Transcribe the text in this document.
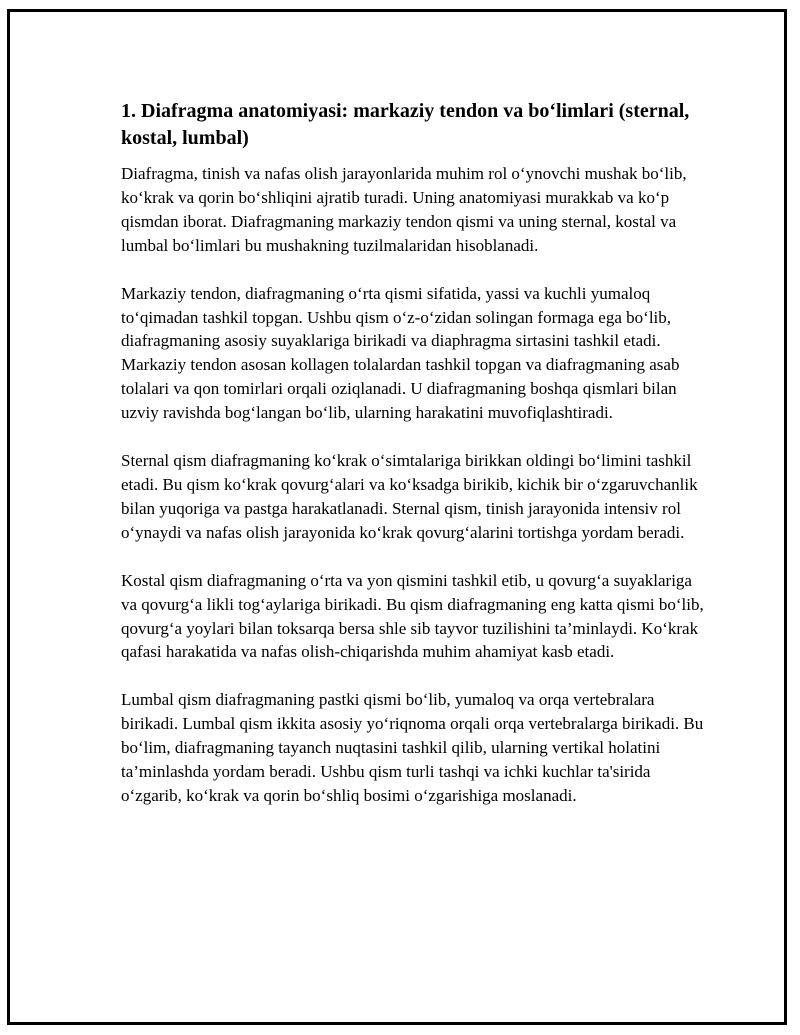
1. Diafragma anatomiyasi: markaziy tendon va bo‘limlari (sternal, kostal, lumbal)

Diafragma, tinish va nafas olish jarayonlarida muhim rol o‘ynovchi mushak bo‘lib, ko‘krak va qorin bo‘shliqini ajratib turadi. Uning anatomiyasi murakkab va ko‘p qismdan iborat. Diafragmaning markaziy tendon qismi va uning sternal, kostal va lumbal bo‘limlari bu mushakning tuzilmalaridan hisoblanadi.

Markaziy tendon, diafragmaning o‘rta qismi sifatida, yassi va kuchli yumaloq to‘qimadan tashkil topgan. Ushbu qism o‘z-o‘zidan solingan formaga ega bo‘lib, diafragmaning asosiy suyaklariga birikadi va diaphragma sirtasini tashkil etadi. Markaziy tendon asosan kollagen tolalardan tashkil topgan va diafragmaning asab tolalari va qon tomirlari orqali oziqlanadi. U diafragmaning boshqa qismlari bilan uzviy ravishda bog‘langan bo‘lib, ularning harakatini muvofiqlashtiradi.

Sternal qism diafragmaning ko‘krak o‘simtalariga birikkan oldingi bo‘limini tashkil etadi. Bu qism ko‘krak qovurg‘alari va ko‘ksadga birikib, kichik bir o‘zgaruvchanlik bilan yuqoriga va pastga harakatlanadi. Sternal qism, tinish jarayonida intensiv rol o‘ynaydi va nafas olish jarayonida ko‘krak qovurg‘alarini tortishga yordam beradi.

Kostal qism diafragmaning o‘rta va yon qismini tashkil etib, u qovurg‘a suyaklariga va qovurg‘a likli tog‘aylariga birikadi. Bu qism diafragmaning eng katta qismi bo‘lib, qovurg‘a yoylari bilan toksarqa bersa shle sib tayvor tuzilishini ta’minlaydi. Ko‘krak qafasi harakatida va nafas olish-chiqarishda muhim ahamiyat kasb etadi.

Lumbal qism diafragmaning pastki qismi bo‘lib, yumaloq va orqa vertebralara birikadi. Lumbal qism ikkita asosiy yo‘riqnoma orqali orqa vertebralarga birikadi. Bu bo‘lim, diafragmaning tayanch nuqtasini tashkil qilib, ularning vertikal holatini ta’minlashda yordam beradi. Ushbu qism turli tashqi va ichki kuchlar ta'sirida o‘zgarib, ko‘krak va qorin bo‘shliq bosimi o‘zgarishiga moslanadi.
